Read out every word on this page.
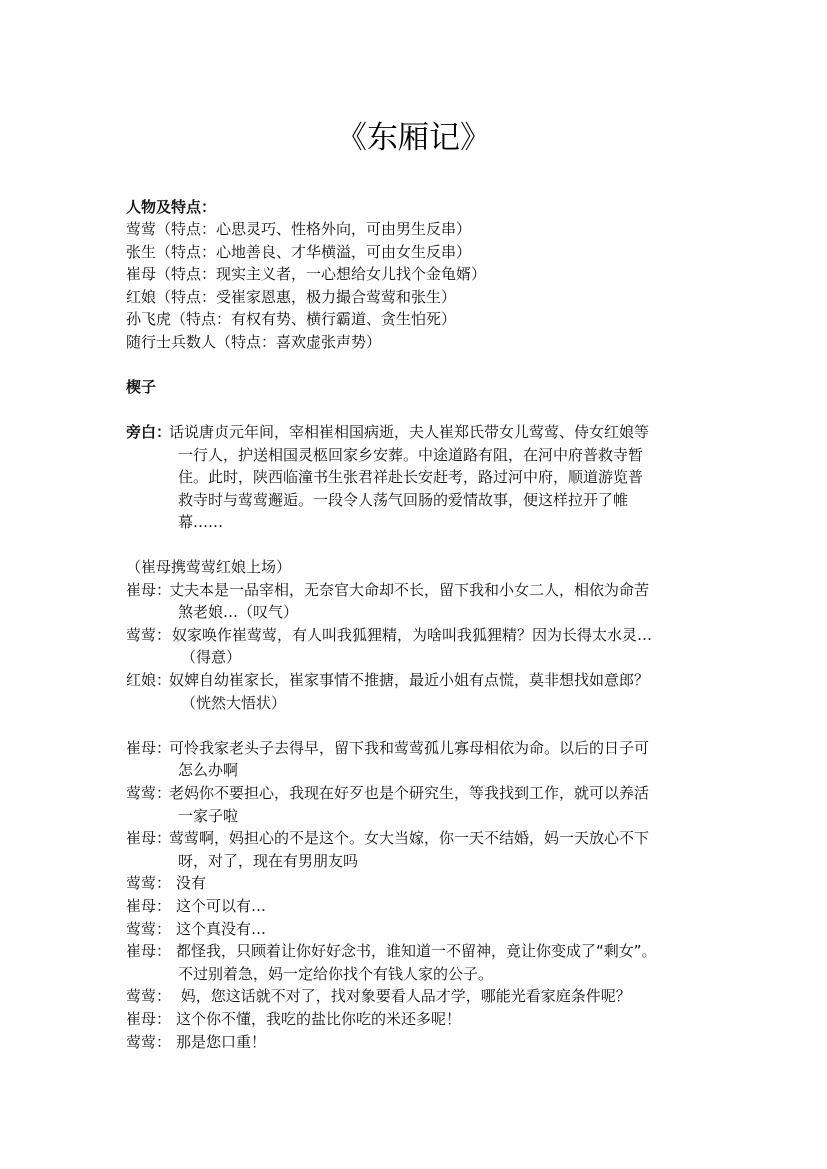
《东厢记》
人物及特点：
莺莺（特点：心思灵巧、性格外向，可由男生反串）
张生（特点：心地善良、才华横溢，可由女生反串）
崔母（特点：现实主义者，一心想给女儿找个金龟婿）
红娘（特点：受崔家恩惠，极力撮合莺莺和张生）
孙飞虎（特点：有权有势、横行霸道、贪生怕死）
随行士兵数人（特点：喜欢虚张声势）
楔子
旁白：
话说唐贞元年间，宰相崔相国病逝，夫人崔郑氏带女儿莺莺、侍女红娘等
一行人，护送相国灵柩回家乡安葬。中途道路有阻，在河中府普救寺暂
住。此时，陕西临潼书生张君祥赴长安赶考，路过河中府，顺道游览普
救寺时与莺莺邂逅。一段令人荡气回肠的爱情故事，便这样拉开了帷
幕……
（崔母携莺莺红娘上场）
崔母：
丈夫本是一品宰相，无奈官大命却不长，留下我和小女二人，相依为命苦
煞老娘…（叹气）
莺莺： 奴家唤作崔莺莺，有人叫我狐狸精，为啥叫我狐狸精？因为长得太水灵…
（得意）
红娘：
奴婢自幼崔家长，崔家事情不推搪，最近小姐有点慌，莫非想找如意郎？
（恍然大悟状）
崔母：
可怜我家老头子去得早，留下我和莺莺孤儿寡母相依为命。以后的日子可
怎么办啊
莺莺：
老妈你不要担心，我现在好歹也是个研究生，等我找到工作，就可以养活
一家子啦
崔母：
莺莺啊，妈担心的不是这个。女大当嫁，你一天不结婚，妈一天放心不下
呀，对了，现在有男朋友吗
莺莺： 没有
崔母： 这个可以有…
莺莺： 这个真没有…
崔母： 都怪我，只顾着让你好好念书，谁知道一不留神，竟让你变成了“剩女”。
不过别着急，妈一定给你找个有钱人家的公子。
莺莺： 妈，您这话就不对了，找对象要看人品才学，哪能光看家庭条件呢？
崔母： 这个你不懂，我吃的盐比你吃的米还多呢！
莺莺： 那是您口重！
